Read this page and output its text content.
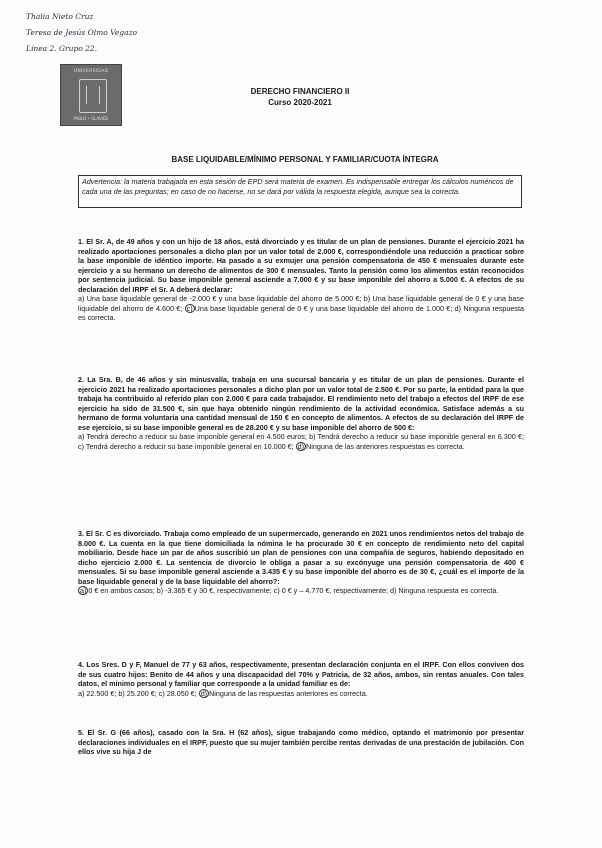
Thalia Nieto Cruz
Teresa de Jesús Olmo Vegazo
Línea 2. Grupo 22.
UNIVERSIDAD
PABLO • OLAVIDE
DERECHO FINANCIERO II
Curso 2020-2021
BASE LIQUIDABLE/MÍNIMO PERSONAL Y FAMILIAR/CUOTA ÍNTEGRA
Advertencia: la materia trabajada en esta sesión de EPD será materia de examen. Es indispensable entregar los cálculos numéricos de cada una de las preguntas; en caso de no hacerse, no se dará por válida la respuesta elegida, aunque sea la correcta.
1. El Sr. A, de 49 años y con un hijo de 18 años, está divorciado y es titular de un plan de pensiones. Durante el ejercicio 2021 ha realizado aportaciones personales a dicho plan por un valor total de 2.000 €, correspondiéndole una reducción a practicar sobre la base imponible de idéntico importe. Ha pasado a su exmujer una pensión compensatoria de 450 € mensuales durante este ejercicio y a su hermano un derecho de alimentos de 300 € mensuales. Tanto la pensión como los alimentos están reconocidos por sentencia judicial. Su base imponible general asciende a 7.000 € y su base imponible del ahorro a 5.000 €. A efectos de su declaración del IRPF el Sr. A deberá declarar:
a) Una base liquidable general de -2.000 € y una base liquidable del ahorro de 5.000 €; b) Una base liquidable general de 0 € y una base liquidable del ahorro de 4.600 €; c) Una base liquidable general de 0 € y una base liquidable del ahorro de 1.000 €; d) Ninguna respuesta es correcta.
2. La Sra. B, de 46 años y sin minusvalía, trabaja en una sucursal bancaria y es titular de un plan de pensiones. Durante el ejercicio 2021 ha realizado aportaciones personales a dicho plan por un valor total de 2.500 €. Por su parte, la entidad para la que trabaja ha contribuido al referido plan con 2.000 € para cada trabajador. El rendimiento neto del trabajo a efectos del IRPF de ese ejercicio ha sido de 31.500 €, sin que haya obtenido ningún rendimiento de la actividad económica. Satisface además a su hermano de forma voluntaria una cantidad mensual de 150 € en concepto de alimentos. A efectos de su declaración del IRPF de ese ejercicio, si su base imponible general es de 28.200 € y su base imponible del ahorro de 500 €:
a) Tendrá derecho a reducir su base imponible general en 4.500 euros; b) Tendrá derecho a reducir su base imponible general en 6.300 €; c) Tendrá derecho a reducir su base imponible general en 10.000 €; d) Ninguna de las anteriores respuestas es correcta.
3. El Sr. C es divorciado. Trabaja como empleado de un supermercado, generando en 2021 unos rendimientos netos del trabajo de 8.000 €. La cuenta en la que tiene domiciliada la nómina le ha procurado 30 € en concepto de rendimiento neto del capital mobiliario. Desde hace un par de años suscribió un plan de pensiones con una compañía de seguros, habiendo depositado en dicho ejercicio 2.000 €. La sentencia de divorcio le obliga a pasar a su excónyuge una pensión compensatoria de 400 € mensuales. Si su base imponible general asciende a 3.435 € y su base imponible del ahorro es de 30 €, ¿cuál es el importe de la base liquidable general y de la base liquidable del ahorro?:
a) 0 € en ambos casos; b) -3.365 € y 30 €, respectivamente; c) 0 € y – 4.770 €, respectivamente; d) Ninguna respuesta es correcta.
4. Los Sres. D y F, Manuel de 77 y 63 años, respectivamente, presentan declaración conjunta en el IRPF. Con ellos conviven dos de sus cuatro hijos: Benito de 44 años y una discapacidad del 70% y Patricia, de 32 años, ambos, sin rentas anuales. Con tales datos, el mínimo personal y familiar que corresponde a la unidad familiar es de:
a) 22.500 €; b) 25.200 €; c) 28.050 €; d) Ninguna de las respuestas anteriores es correcta.
5. El Sr. G (66 años), casado con la Sra. H (62 años), sigue trabajando como médico, optando el matrimonio por presentar declaraciones individuales en el IRPF, puesto que su mujer también percibe rentas derivadas de una prestación de jubilación. Con ellos vive su hija J de
